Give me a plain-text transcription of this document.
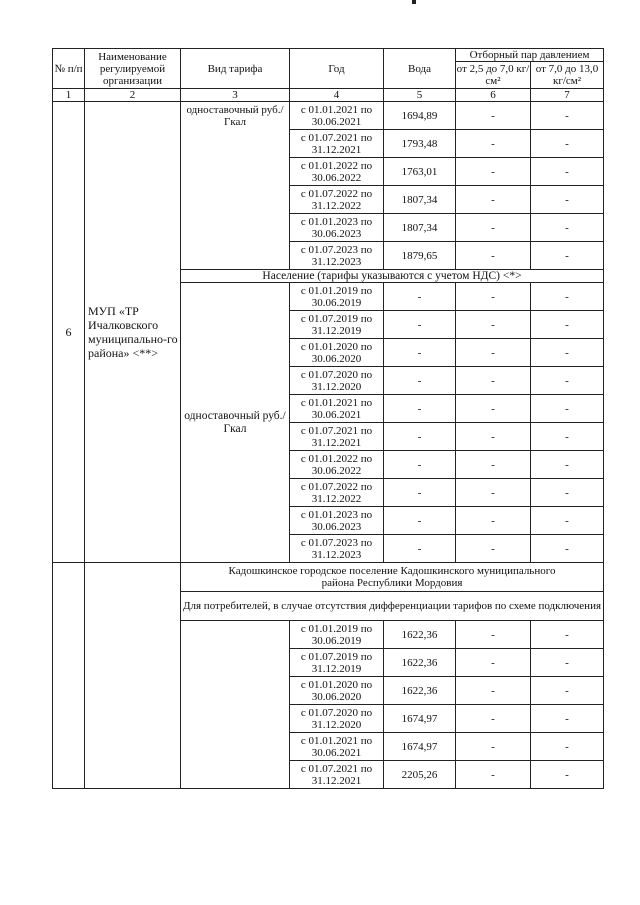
№ п/п	Наименование регулируемой организации	Вид тарифа	Год	Вода	Отборный пар давлением	
					от 2,5 до 7,0 кг/см²	от 7,0 до 13,0 кг/см²
1	2	3	4	5	6	7
6	МУП «ТР Ичалковского муниципально-го района» <**>	одноставочный руб./Гкал	с 01.01.2021 по 30.06.2021	1694,89	-	-
			с 01.07.2021 по 31.12.2021	1793,48	-	-
			с 01.01.2022 по 30.06.2022	1763,01	-	-
			с 01.07.2022 по 31.12.2022	1807,34	-	-
			с 01.01.2023 по 30.06.2023	1807,34	-	-
			с 01.07.2023 по 31.12.2023	1879,65	-	-
		Население (тарифы указываются с учетом НДС) <*>				
		одноставочный руб./Гкал	с 01.01.2019 по 30.06.2019	-	-	-
			с 01.07.2019 по 31.12.2019	-	-	-
			с 01.01.2020 по 30.06.2020	-	-	-
			с 01.07.2020 по 31.12.2020	-	-	-
			с 01.01.2021 по 30.06.2021	-	-	-
			с 01.07.2021 по 31.12.2021	-	-	-
			с 01.01.2022 по 30.06.2022	-	-	-
			с 01.07.2022 по 31.12.2022	-	-	-
			с 01.01.2023 по 30.06.2023	-	-	-
			с 01.07.2023 по 31.12.2023	-	-	-
		Кадошкинское городское поселение Кадошкинского муниципального района Республики Мордовия				
		Для потребителей, в случае отсутствия дифференциации тарифов по схеме подключения				
			с 01.01.2019 по 30.06.2019	1622,36	-	-
			с 01.07.2019 по 31.12.2019	1622,36	-	-
			с 01.01.2020 по 30.06.2020	1622,36	-	-
			с 01.07.2020 по 31.12.2020	1674,97	-	-
			с 01.01.2021 по 30.06.2021	1674,97	-	-
			с 01.07.2021 по 31.12.2021	2205,26	-	-
